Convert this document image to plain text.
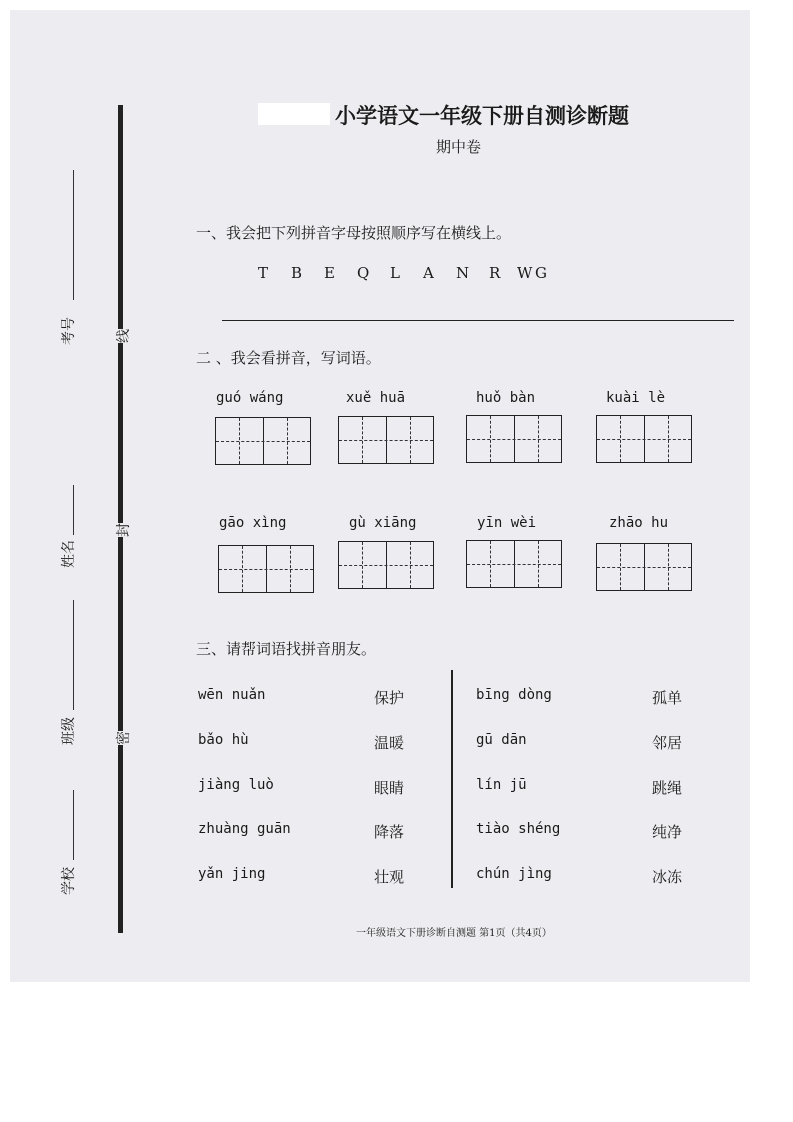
小学语文一年级下册自测诊断题
期中卷
考号
姓名
班级
学校
线
封
密
一、我会把下列拼音字母按照顺序写在横线上。
T B E Q L A N R W G
二 、我会看拼音，写词语。
guó wáng	xuě huā	huǒ bàn	kuài lè
gāo xìng	gù xiāng	yīn wèi	zhāo hu
三、请帮词语找拼音朋友。
wēn nuǎn	保护	bīng dòng	孤单
bǎo hù	温暖	gū dān	邻居
jiàng luò	眼睛	lín jū	跳绳
zhuàng guān	降落	tiào shéng	纯净
yǎn jing	壮观	chún jìng	冰冻
一年级语文下册诊断自测题 第1页（共4页）
